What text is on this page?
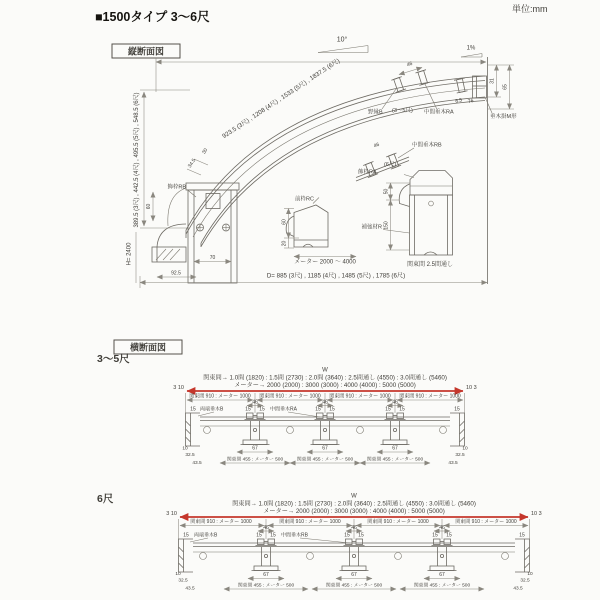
■1500タイプ 3〜6尺
単位:mm
縦断面図
10°
1%
923.5 (3尺) , 1208 (4尺) , 1533 (5尺) , 1837.5 (6尺)
389.5 (3尺) , 442.5 (4尺) , 495.5 (5尺) , 548.5 (6尺)
H= 2400
34.5
30
60
70
92.5
飾枠RB
46
野縁B (3〜5尺) 中間垂木RA
46	中間垂木RB
(6尺)
飾枠RA
8.5 76
31
65
垂木掛M形
前枠RC
60
20
メーター 2000 〜 4000
50
150
補強材R
関東間 2.5間通し
D= 885 (3尺) , 1185 (4尺) , 1485 (5尺) , 1785 (6尺)
横断面図
3〜5尺
W
関東間→ 1.0間 (1820) : 1.5間 (2730) : 2.0間 (3640) : 2.5間通し (4550) : 3.0間通し (5460)
メーター→ 2000 (2000) : 3000 (3000) : 4000 (4000) : 5000 (5000)
3 10	10 3
関東間 910 : メーター 1000 関東間 910 : メーター 1000 関東間 910 : メーター 1000 関東間 910 : メーター 1000
46	46	46
15	15 15	15 15	15 15	15
両端垂木B	中間垂木RA
67	67	67
関東間 455 : メーター 500	関東間 455 : メーター 500	関東間 455 : メーター 500
10
32.5
43.5
10
32.5
43.5
6尺	W
関東間→ 1.0間 (1820) : 1.5間 (2730) : 2.0間 (3640) : 2.5間通し (4550) : 3.0間通し (5460)
メーター→ 2000 (2000) : 3000 (3000) : 4000 (4000) : 5000 (5000)
3 10	10 3
関東間 910 : メーター 1000	関東間 910 : メーター 1000	関東間 910 : メーター 1000	関東間 910 : メーター 1000
46	46	46
15	15 15	15 15	15 15	15
両端垂木B	中間垂木RB
67	67	67
関東間 455 : メーター 500	関東間 455 : メーター 500	関東間 455 : メーター 500
10
32.5
43.5
10
32.5
43.5
